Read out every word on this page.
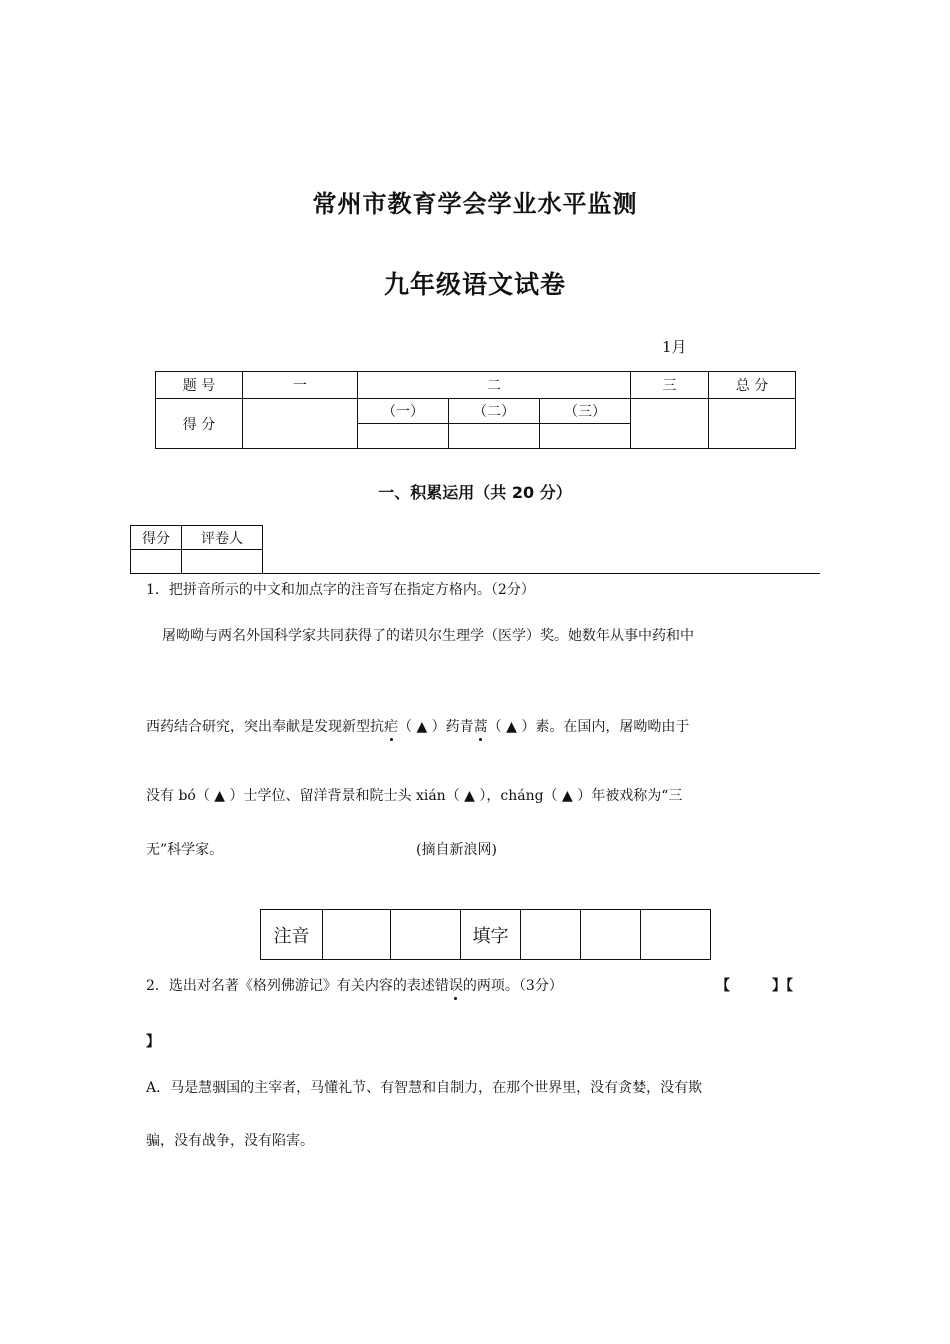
常州市教育学会学业水平监测
九年级语文试卷
1月
题 号	一	二			三	总 分
得 分		（一）	（二）	（三）		

一、积累运用（共 20 分）
得分	评卷人

1．把拼音所示的中文和加点字的注音写在指定方格内。（2分）
屠呦呦与两名外国科学家共同获得了的诺贝尔生理学（医学）奖。她数年从事中药和中
西药结合研究，突出奉献是发现新型抗疟（ ▲ ）药青蒿（ ▲ ）素。在国内，屠呦呦由于
没有 bó（ ▲ ）士学位、留洋背景和院士头 xián（ ▲ ），cháng（ ▲ ）年被戏称为“三
无”科学家。	(摘自新浪网)
注音			填字			
2．选出对名著《格列佛游记》有关内容的表述错误的两项。（3分）	【　　　】【
】
A．马是慧骃国的主宰者，马懂礼节、有智慧和自制力，在那个世界里，没有贪婪，没有欺
骗，没有战争，没有陷害。
